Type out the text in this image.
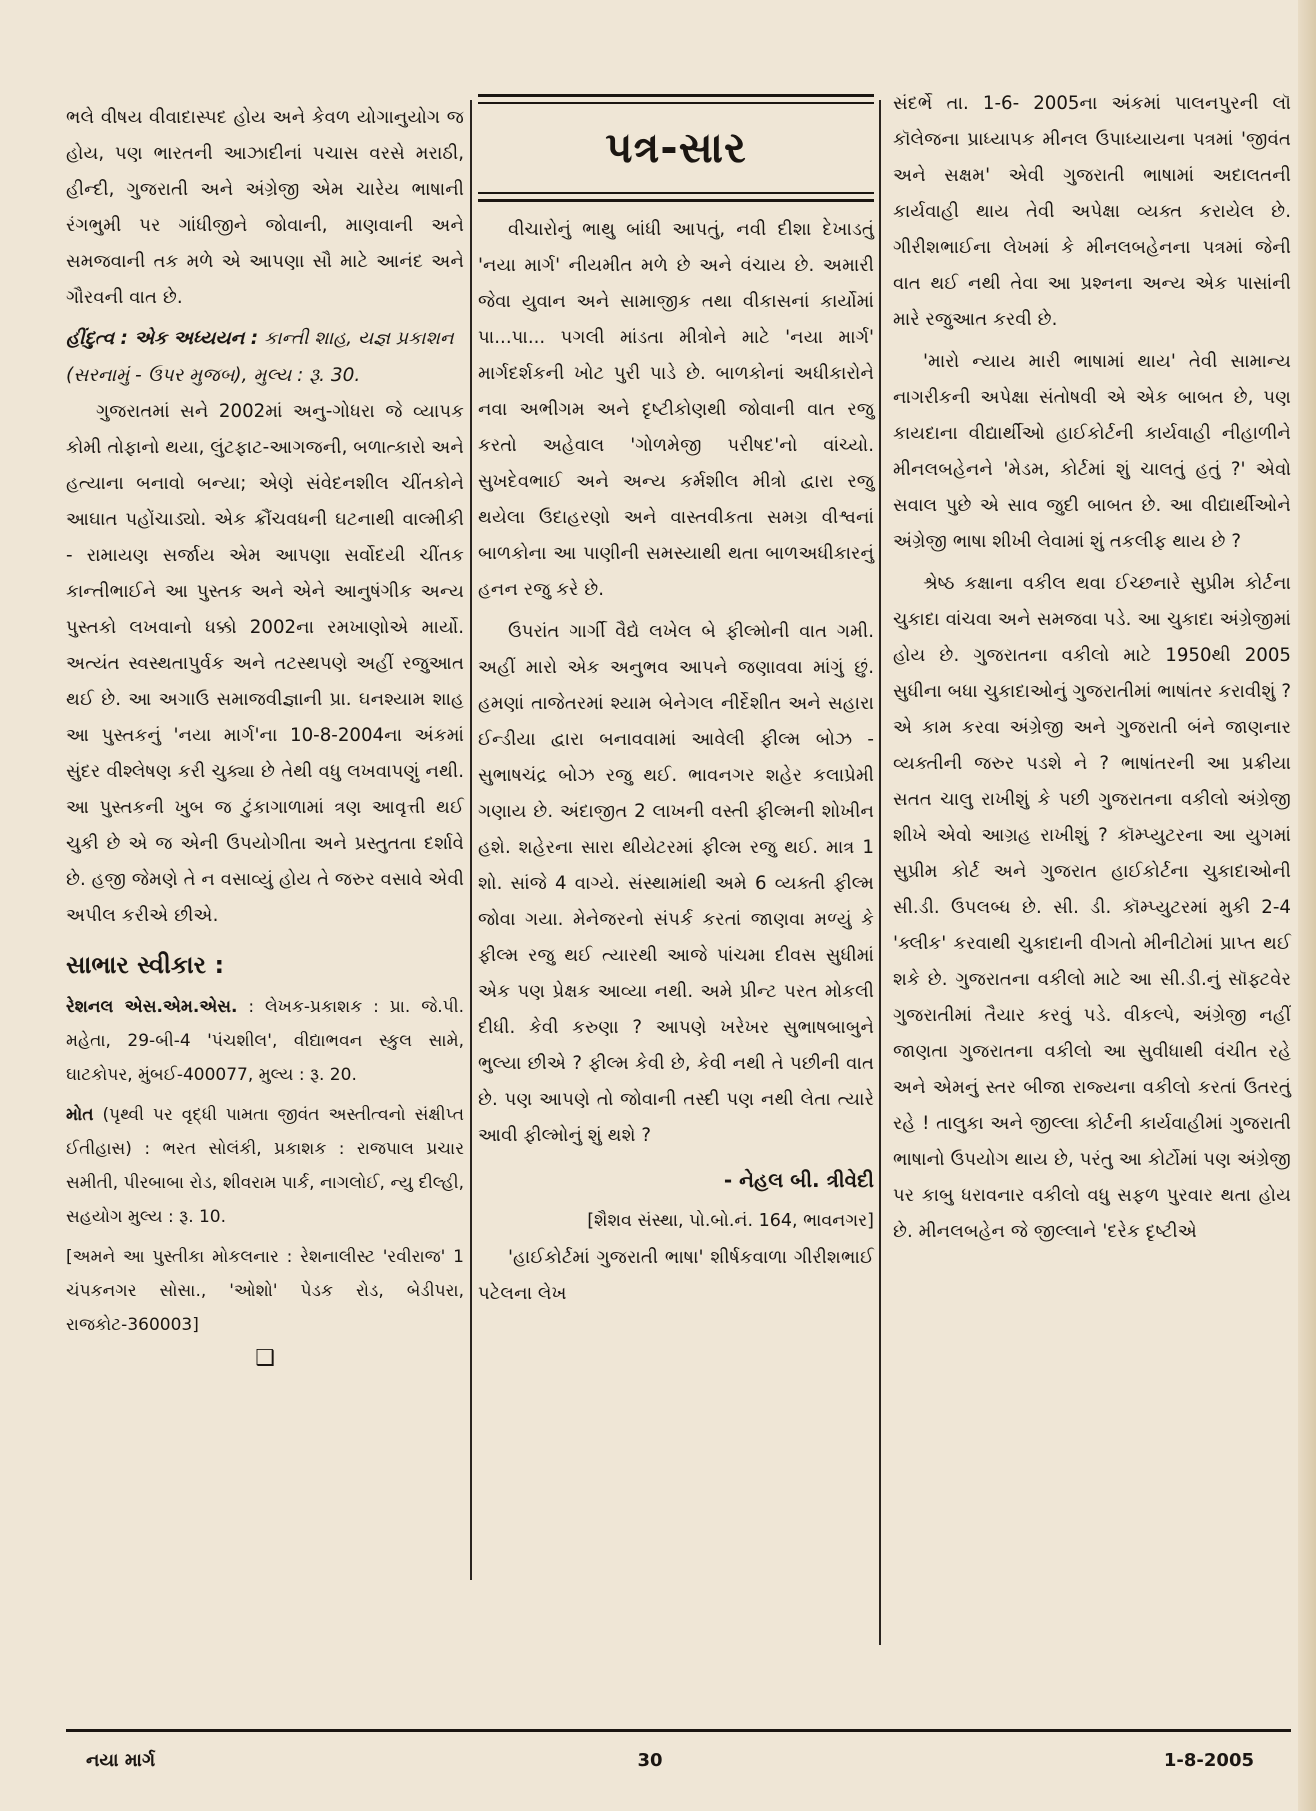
ભલે વીષય વીવાદાસ્પદ હોય અને કેવળ યોગાનુયોગ જ હોય, પણ ભારતની આઝાદીનાં પચાસ વરસે મરાઠી, હીન્દી, ગુજરાતી અને અંગ્રેજી એમ ચારેય ભાષાની રંગભુમી પર ગાંધીજીને જોવાની, માણવાની અને સમજવાની તક મળે એ આપણા સૌ માટે આનંદ અને ગૌરવની વાત છે.

હીંદુત્વ : એક અધ્યયન : કાન્તી શાહ, યજ્ઞ પ્રકાશન (સરનામું - ઉપર મુજબ), મુલ્ય : રૂ. 30.

ગુજરાતમાં સને 2002માં અનુ-ગોધરા જે વ્યાપક કોમી તોફાનો થયા, લુંટફાટ-આગજની, બળાત્કારો અને હત્યાના બનાવો બન્યા; એણે સંવેદનશીલ ચીંતકોને આઘાત પહોંચાડ્યો. એક ક્રૌંચવધની ઘટનાથી વાલ્મીકી - રામાયણ સર્જાય એમ આપણા સર્વોદયી ચીંતક કાન્તીભાઈને આ પુસ્તક અને એને આનુષંગીક અન્ય પુસ્તકો લખવાનો ધક્કો 2002ના રમખાણોએ માર્યો. અત્યંત સ્વસ્થતાપુર્વક અને તટસ્થપણે અહીં રજુઆત થઈ છે. આ અગાઉ સમાજવીજ્ઞાની પ્રા. ઘનશ્યામ શાહ આ પુસ્તકનું 'નયા માર્ગ'ના 10-8-2004ના અંકમાં સુંદર વીશ્લેષણ કરી ચુક્યા છે તેથી વધુ લખવાપણું નથી. આ પુસ્તકની ખુબ જ ટુંકાગાળામાં ત્રણ આવૃત્તી થઈ ચુકી છે એ જ એની ઉપયોગીતા અને પ્રસ્તુતતા દર્શાવે છે. હજી જેમણે તે ન વસાવ્યું હોય તે જરુર વસાવે એવી અપીલ કરીએ છીએ.

સાભાર સ્વીકાર :

રેશનલ એસ.એમ.એસ. : લેખક-પ્રકાશક : પ્રા. જે.પી. મહેતા, 29-બી-4 'પંચશીલ', વીદ્યાભવન સ્કુલ સામે, ઘાટકોપર, મુંબઈ-400077, મુલ્ય : રૂ. 20.

મોત (પૃથ્વી પર વૃદ્ધી પામતા જીવંત અસ્તીત્વનો સંક્ષીપ્ત ઈતીહાસ) : ભરત સોલંકી, પ્રકાશક : રાજપાલ પ્રચાર સમીતી, પીરબાબા રોડ, શીવરામ પાર્ક, નાગલોઈ, ન્યુ દીલ્હી, સહયોગ મુલ્ય : રૂ. 10.

[અમને આ પુસ્તીકા મોકલનાર : રેશનાલીસ્ટ 'રવીરાજ' 1 ચંપકનગર સોસા., 'ઓશો' પેડક રોડ, બેડીપરા, રાજકોટ-360003]

❑
પત્ર-સાર

વીચારોનું ભાથુ બાંધી આપતું, નવી દીશા દેખાડતું 'નયા માર્ગ' નીયમીત મળે છે અને વંચાય છે. અમારી જેવા યુવાન અને સામાજીક તથા વીકાસનાં કાર્યોમાં પા...પા... પગલી માંડતા મીત્રોને માટે 'નયા માર્ગ' માર્ગદર્શકની ખોટ પુરી પાડે છે. બાળકોનાં અધીકારોને નવા અભીગમ અને દૃષ્ટીકોણથી જોવાની વાત રજુ કરતો અહેવાલ 'ગોળમેજી પરીષદ'નો વાંચ્યો. સુખદેવભાઈ અને અન્ય કર્મશીલ મીત્રો દ્વારા રજુ થયેલા ઉદાહરણો અને વાસ્તવીકતા સમગ્ર વીશ્વનાં બાળકોના આ પાણીની સમસ્યાથી થતા બાળઅધીકારનું હનન રજુ કરે છે.

ઉપરાંત ગાર્ગી વૈદ્યે લખેલ બે ફીલ્મોની વાત ગમી. અહીં મારો એક અનુભવ આપને જણાવવા માંગું છું. હમણાં તાજેતરમાં શ્યામ બેનેગલ નીર્દેશીત અને સહારા ઈન્ડીયા દ્વારા બનાવવામાં આવેલી ફીલ્મ બોઝ - સુભાષચંદ્ર બોઝ રજુ થઈ. ભાવનગર શહેર કલાપ્રેમી ગણાય છે. અંદાજીત 2 લાખની વસ્તી ફીલ્મની શોખીન હશે. શહેરના સારા થીયેટરમાં ફીલ્મ રજુ થઈ. માત્ર 1 શો. સાંજે 4 વાગ્યે. સંસ્થામાંથી અમે 6 વ્યક્તી ફીલ્મ જોવા ગયા. મેનેજરનો સંપર્ક કરતાં જાણવા મળ્યું કે ફીલ્મ રજુ થઈ ત્યારથી આજે પાંચમા દીવસ સુધીમાં એક પણ પ્રેક્ષક આવ્યા નથી. અમે પ્રીન્ટ પરત મોકલી દીધી. કેવી કરુણા ? આપણે ખરેખર સુભાષબાબુને ભુલ્યા છીએ ? ફીલ્મ કેવી છે, કેવી નથી તે પછીની વાત છે. પણ આપણે તો જોવાની તસ્દી પણ નથી લેતા ત્યારે આવી ફીલ્મોનું શું થશે ?

- નેહલ બી. ત્રીવેદી
[શૈશવ સંસ્થા, પો.બો.નં. 164, ભાવનગર]

'હાઈકોર્ટમાં ગુજરાતી ભાષા' શીર્ષકવાળા ગીરીશભાઈ પટેલના લેખ

સંદર્ભે તા. 1-6- 2005ના અંકમાં પાલનપુરની લૉ કૉલેજના પ્રાધ્યાપક મીનલ ઉપાધ્યાયના પત્રમાં 'જીવંત અને સક્ષમ' એવી ગુજરાતી ભાષામાં અદાલતની કાર્યવાહી થાય તેવી અપેક્ષા વ્યક્ત કરાયેલ છે. ગીરીશભાઈના લેખમાં કે મીનલબહેનના પત્રમાં જેની વાત થઈ નથી તેવા આ પ્રશ્નના અન્ય એક પાસાંની મારે રજુઆત કરવી છે.

'મારો ન્યાય મારી ભાષામાં થાય' તેવી સામાન્ય નાગરીકની અપેક્ષા સંતોષવી એ એક બાબત છે, પણ કાયદાના વીદ્યાર્થીઓ હાઈકોર્ટની કાર્યવાહી નીહાળીને મીનલબહેનને 'મેડમ, કોર્ટમાં શું ચાલતું હતું ?' એવો સવાલ પુછે એ સાવ જુદી બાબત છે. આ વીદ્યાર્થીઓને અંગ્રેજી ભાષા શીખી લેવામાં શું તકલીફ થાય છે ?

શ્રેષ્ઠ કક્ષાના વકીલ થવા ઈચ્છનારે સુપ્રીમ કોર્ટના ચુકાદા વાંચવા અને સમજવા પડે. આ ચુકાદા અંગ્રેજીમાં હોય છે. ગુજરાતના વકીલો માટે 1950થી 2005 સુધીના બધા ચુકાદાઓનું ગુજરાતીમાં ભાષાંતર કરાવીશું ? એ કામ કરવા અંગ્રેજી અને ગુજરાતી બંને જાણનાર વ્યક્તીની જરુર પડશે ને ? ભાષાંતરની આ પ્રક્રીયા સતત ચાલુ રાખીશું કે પછી ગુજરાતના વકીલો અંગ્રેજી શીખે એવો આગ્રહ રાખીશું ? કૉમ્પ્યુટરના આ યુગમાં સુપ્રીમ કોર્ટ અને ગુજરાત હાઈકોર્ટના ચુકાદાઓની સી.ડી. ઉપલબ્ધ છે. સી. ડી. કૉમ્પ્યુટરમાં મુકી 2-4 'ક્લીક' કરવાથી ચુકાદાની વીગતો મીનીટોમાં પ્રાપ્ત થઈ શકે છે. ગુજરાતના વકીલો માટે આ સી.ડી.નું સૉફ્ટવેર ગુજરાતીમાં તૈયાર કરવું પડે. વીકલ્પે, અંગ્રેજી નહીં જાણતા ગુજરાતના વકીલો આ સુવીધાથી વંચીત રહે અને એમનું સ્તર બીજા રાજ્યના વકીલો કરતાં ઉતરતું રહે ! તાલુકા અને જીલ્લા કોર્ટની કાર્યવાહીમાં ગુજરાતી ભાષાનો ઉપયોગ થાય છે, પરંતુ આ કોર્ટોમાં પણ અંગ્રેજી પર કાબુ ધરાવનાર વકીલો વધુ સફળ પુરવાર થતા હોય છે. મીનલબહેન જે જીલ્લાને 'દરેક દૃષ્ટીએ

નયા માર્ગ	30	1-8-2005
